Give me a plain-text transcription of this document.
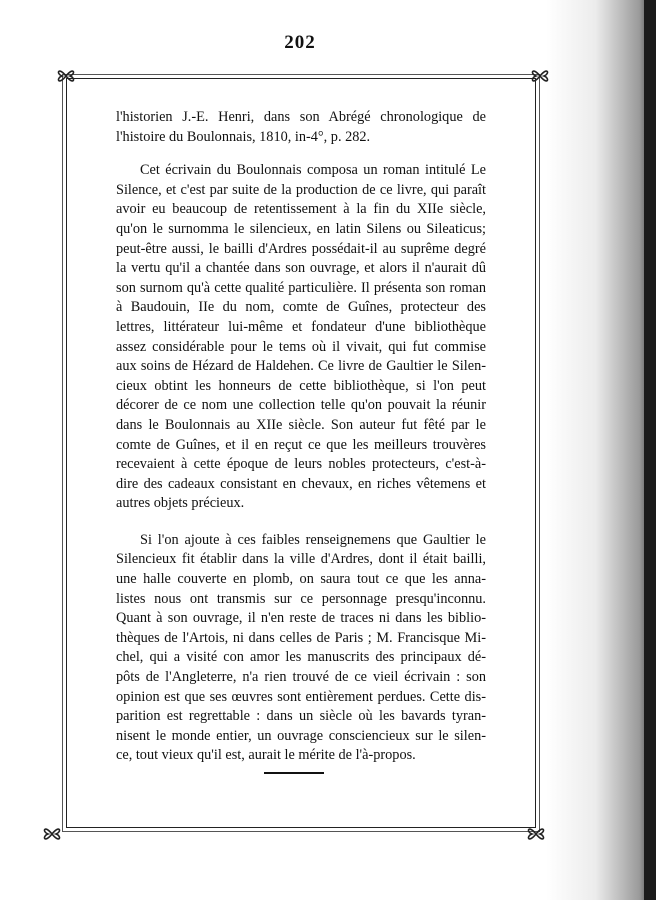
202

l'historien J.-E. Henri, dans son Abrégé chronologique de
l'histoire du Boulonnais, 1810, in-4°, p. 282.

Cet écrivain du Boulonnais composa un roman intitulé Le
Silence, et c'est par suite de la production de ce livre, qui paraît
avoir eu beaucoup de retentissement à la fin du XIIe siècle,
qu'on le surnomma le silencieux, en latin Silens ou Sileaticus;
peut-être aussi, le bailli d'Ardres possédait-il au suprême degré
la vertu qu'il a chantée dans son ouvrage, et alors il n'aurait dû
son surnom qu'à cette qualité particulière. Il présenta son roman
à Baudouin, IIe du nom, comte de Guînes, protecteur des
lettres, littérateur lui-même et fondateur d'une bibliothèque
assez considérable pour le tems où il vivait, qui fut commise
aux soins de Hézard de Haldehen. Ce livre de Gaultier le Silen-
cieux obtint les honneurs de cette bibliothèque, si l'on peut
décorer de ce nom une collection telle qu'on pouvait la réunir
dans le Boulonnais au XIIe siècle. Son auteur fut fêté par le
comte de Guînes, et il en reçut ce que les meilleurs trouvères
recevaient à cette époque de leurs nobles protecteurs, c'est-à-
dire des cadeaux consistant en chevaux, en riches vêtemens et
autres objets précieux.

Si l'on ajoute à ces faibles renseignemens que Gaultier le
Silencieux fit établir dans la ville d'Ardres, dont il était bailli,
une halle couverte en plomb, on saura tout ce que les anna-
listes nous ont transmis sur ce personnage presqu'inconnu.
Quant à son ouvrage, il n'en reste de traces ni dans les biblio-
thèques de l'Artois, ni dans celles de Paris ; M. Francisque Mi-
chel, qui a visité con amor les manuscrits des principaux dé-
pôts de l'Angleterre, n'a rien trouvé de ce vieil écrivain : son
opinion est que ses œuvres sont entièrement perdues. Cette dis-
parition est regrettable : dans un siècle où les bavards tyran-
nisent le monde entier, un ouvrage consciencieux sur le silen-
ce, tout vieux qu'il est, aurait le mérite de l'à-propos.
